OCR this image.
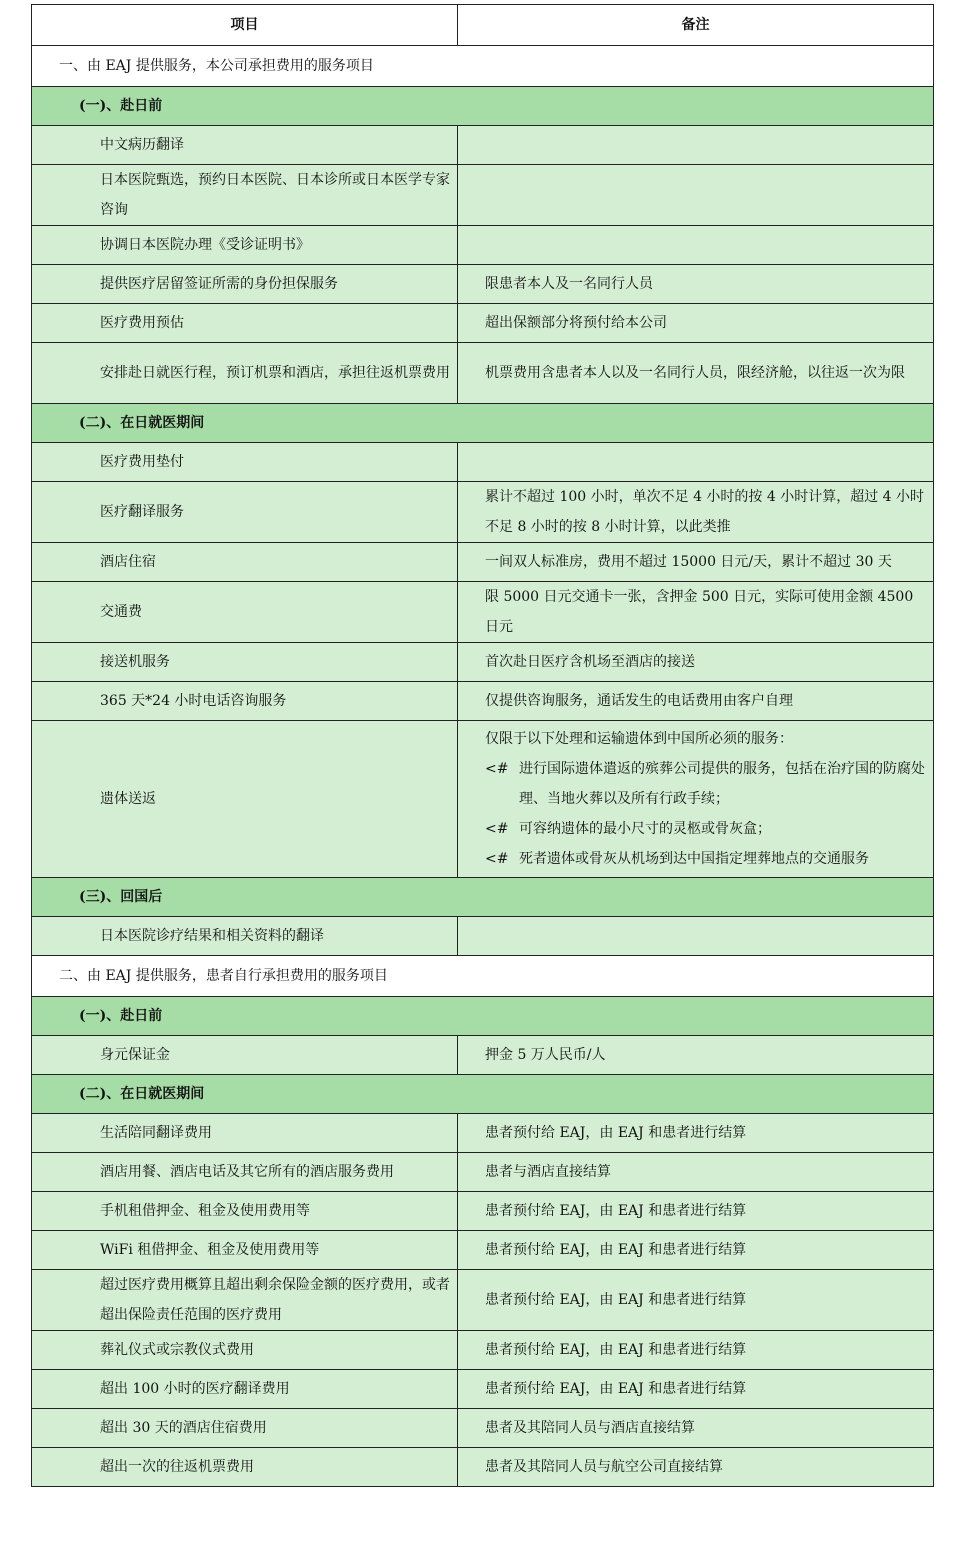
项目	备注
一、由 EAJ 提供服务，本公司承担费用的服务项目	
(一)、赴日前	
中文病历翻译	
日本医院甄选，预约日本医院、日本诊所或日本医学专家咨询	
协调日本医院办理《受诊证明书》	
提供医疗居留签证所需的身份担保服务	限患者本人及一名同行人员
医疗费用预估	超出保额部分将预付给本公司
安排赴日就医行程，预订机票和酒店，承担往返机票费用	机票费用含患者本人以及一名同行人员，限经济舱，以往返一次为限
(二)、在日就医期间	
医疗费用垫付	
医疗翻译服务	累计不超过 100 小时，单次不足 4 小时的按 4 小时计算，超过 4 小时不足 8 小时的按 8 小时计算，以此类推
酒店住宿	一间双人标准房，费用不超过 15000 日元/天，累计不超过 30 天
交通费	限 5000 日元交通卡一张，含押金 500 日元，实际可使用金额 4500 日元
接送机服务	首次赴日医疗含机场至酒店的接送
365 天*24 小时电话咨询服务	仅提供咨询服务，通话发生的电话费用由客户自理
遗体送返	仅限于以下处理和运输遗体到中国所必须的服务：
<# 进行国际遗体遣返的殡葬公司提供的服务，包括在治疗国的防腐处理、当地火葬以及所有行政手续；
<# 可容纳遗体的最小尺寸的灵柩或骨灰盒；
<# 死者遗体或骨灰从机场到达中国指定埋葬地点的交通服务

(三)、回国后	
日本医院诊疗结果和相关资料的翻译	
二、由 EAJ 提供服务，患者自行承担费用的服务项目	
(一)、赴日前	
身元保证金	押金 5 万人民币/人
(二)、在日就医期间	
生活陪同翻译费用	患者预付给 EAJ，由 EAJ 和患者进行结算
酒店用餐、酒店电话及其它所有的酒店服务费用	患者与酒店直接结算
手机租借押金、租金及使用费用等	患者预付给 EAJ，由 EAJ 和患者进行结算
WiFi 租借押金、租金及使用费用等	患者预付给 EAJ，由 EAJ 和患者进行结算
超过医疗费用概算且超出剩余保险金额的医疗费用，或者超出保险责任范围的医疗费用	患者预付给 EAJ，由 EAJ 和患者进行结算
葬礼仪式或宗教仪式费用	患者预付给 EAJ，由 EAJ 和患者进行结算
超出 100 小时的医疗翻译费用	患者预付给 EAJ，由 EAJ 和患者进行结算
超出 30 天的酒店住宿费用	患者及其陪同人员与酒店直接结算
超出一次的往返机票费用	患者及其陪同人员与航空公司直接结算
